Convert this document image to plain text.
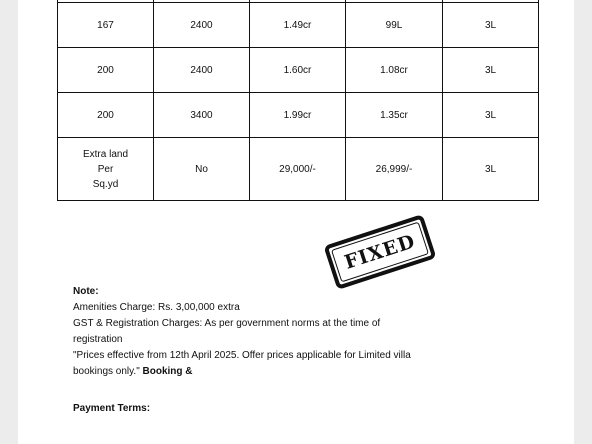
167	2400	1.49cr	99L	3L
200	2400	1.60cr	1.08cr	3L
200	3400	1.99cr	1.35cr	3L

Extra land
Per
Sq.yd	No	29,000/-	26,999/-	3L
FIXED

Note:

Amenities Charge: Rs. 3,00,000 extra

GST & Registration Charges: As per government norms at the time of registration

"Prices effective from 12th April 2025. Offer prices applicable for Limited villa bookings only." Booking &

Payment Terms:
